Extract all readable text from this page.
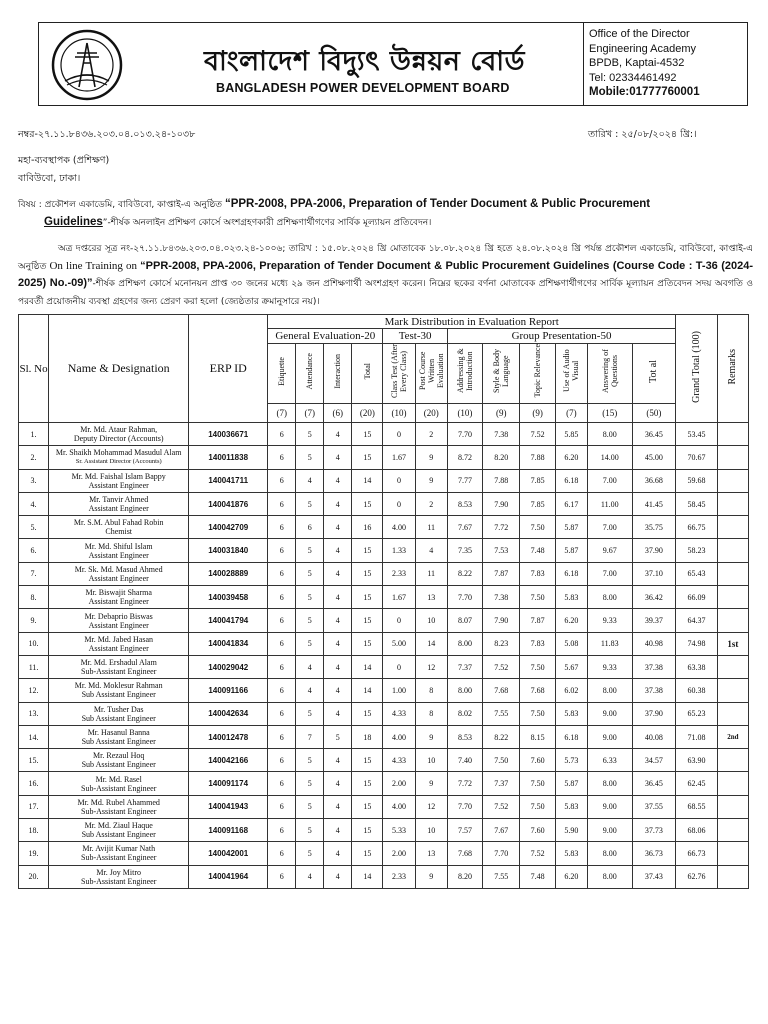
বাংলাদেশ বিদ্যুৎ উন্নয়ন বোর্ড
BANGLADESH POWER DEVELOPMENT BOARD
Office of the Director
Engineering Academy
BPDB, Kaptai-4532
Tel: 02334461492
Mobile:01777760001
নম্বর-২৭.১১.৮৪৩৬.২০৩.০৪.০১৩.২৪-১০৩৮	তারিখ : ২৫/০৮/২০২৪ খ্রি:।
মহা-ব্যবস্থাপক (প্রশিক্ষণ)
বাবিউবো, ঢাকা।
বিষয় : প্রকৌশল একাডেমি, বাবিউবো, কাপ্তাই-এ অনুষ্ঠিত “PPR-2008, PPA-2006, Preparation of Tender Document & Public Procurement
Guidelines”-শীর্ষক অনলাইন প্রশিক্ষণ কোর্সে অংশগ্রহণকারী প্রশিক্ষণার্থীগণের সার্বিক মূল্যায়ন প্রতিবেদন।
অত্র দপ্তরের সূত্র নং-২৭.১১.৮৪৩৬.২০৩.০৪.০২৩.২৪-১০০৬; তারিখ : ১৫.০৮.২০২৪ খ্রি মোতাবেক ১৮.০৮.২০২৪ খ্রি হতে ২৪.০৮.২০২৪ খ্রি পর্যন্ত প্রকৌশল একাডেমি, বাবিউবো, কাপ্তাই-এ অনুষ্ঠিত On line Training on “PPR-2008, PPA-2006, Preparation of Tender Document & Public Procurement Guidelines (Course Code : T-36 (2024-2025) No.-09)”-শীর্ষক প্রশিক্ষণ কোর্সে মনোনয়ন প্রাপ্ত ৩০ জনের মধ্যে ২৯ জন প্রশিক্ষণার্থী অংশগ্রহণ করেন। নিম্নের ছকের বর্ণনা মোতাবেক প্রশিক্ষণার্থীগণের সার্বিক মূল্যায়ন প্রতিবেদন সদয় অবগতি ও পরবর্তী প্রয়োজনীয় ব্যবস্থা গ্রহণের জন্য প্রেরণ করা হলো (জ্যেষ্ঠতার ক্রমানুসারে নয়)।
Sl. No	Name & Designation	ERP ID	Mark Distribution in Evaluation Report												Grand Total (100)	Remarks
			General Evaluation-20				Test-30		Group Presentation-50							
			Etiquette	Attendance	Interaction	Total	Class Test (After Every Class)	Post Course Written Evaluation	Addressing & Introduction	Style & Body Language	Topic Relevance	Use of Audio Visual	Answering of Questions	Tot al		
			(7)	(7)	(6)	(20)	(10)	(20)	(10)	(9)	(9)	(7)	(15)	(50)		
1.	Mr. Md. Ataur Rahman,
Deputy Director (Accounts)	140036671	6	5	4	15	0	2	7.70	7.38	7.52	5.85	8.00	36.45	53.45	
2.	Mr. Shaikh Mohammad Masudul Alam
Sr. Assistant Director (Accounts)	140011838	6	5	4	15	1.67	9	8.72	8.20	7.88	6.20	14.00	45.00	70.67	
3.	Mr. Md. Faishal Islam Bappy
Assistant Engineer	140041711	6	4	4	14	0	9	7.77	7.88	7.85	6.18	7.00	36.68	59.68	
4.	Mr. Tanvir Ahmed
Assistant Engineer	140041876	6	5	4	15	0	2	8.53	7.90	7.85	6.17	11.00	41.45	58.45	
5.	Mr. S.M. Abul Fahad Robin
Chemist	140042709	6	6	4	16	4.00	11	7.67	7.72	7.50	5.87	7.00	35.75	66.75	
6.	Mr. Md. Shiful Islam
Assistant Engineer	140031840	6	5	4	15	1.33	4	7.35	7.53	7.48	5.87	9.67	37.90	58.23	
7.	Mr. Sk. Md. Masud Ahmed
Assistant Engineer	140028889	6	5	4	15	2.33	11	8.22	7.87	7.83	6.18	7.00	37.10	65.43	
8.	Mr. Biswajit Sharma
Assistant Engineer	140039458	6	5	4	15	1.67	13	7.70	7.38	7.50	5.83	8.00	36.42	66.09	
9.	Mr. Debaprio Biswas
Assistant Engineer	140041794	6	5	4	15	0	10	8.07	7.90	7.87	6.20	9.33	39.37	64.37	
10.	Mr. Md. Jabed Hasan
Assistant Engineer	140041834	6	5	4	15	5.00	14	8.00	8.23	7.83	5.08	11.83	40.98	74.98	1st
11.	Mr. Md. Ershadul Alam
Sub-Assistant Engineer	140029042	6	4	4	14	0	12	7.37	7.52	7.50	5.67	9.33	37.38	63.38	
12.	Mr. Md. Moklesur Rahman
Sub Assistant Engineer	140091166	6	4	4	14	1.00	8	8.00	7.68	7.68	6.02	8.00	37.38	60.38	
13.	Mr. Tusher Das
Sub Assistant Engineer	140042634	6	5	4	15	4.33	8	8.02	7.55	7.50	5.83	9.00	37.90	65.23	
14.	Mr. Hasanul Banna
Sub Assistant Engineer	140012478	6	7	5	18	4.00	9	8.53	8.22	8.15	6.18	9.00	40.08	71.08	2nd
15.	Mr. Rezaul Hoq
Sub Assistant Engineer	140042166	6	5	4	15	4.33	10	7.40	7.50	7.60	5.73	6.33	34.57	63.90	
16.	Mr. Md. Rasel
Sub-Assistant Engineer	140091174	6	5	4	15	2.00	9	7.72	7.37	7.50	5.87	8.00	36.45	62.45	
17.	Mr. Md. Rubel Ahammed
Sub-Assistant Engineer	140041943	6	5	4	15	4.00	12	7.70	7.52	7.50	5.83	9.00	37.55	68.55	
18.	Mr. Md. Ziaul Haque
Sub Assistant Engineer	140091168	6	5	4	15	5.33	10	7.57	7.67	7.60	5.90	9.00	37.73	68.06	
19.	Mr. Avijit Kumar Nath
Sub-Assistant Engineer	140042001	6	5	4	15	2.00	13	7.68	7.70	7.52	5.83	8.00	36.73	66.73	
20.	Mr. Joy Mitro
Sub-Assistant Engineer	140041964	6	4	4	14	2.33	9	8.20	7.55	7.48	6.20	8.00	37.43	62.76	
